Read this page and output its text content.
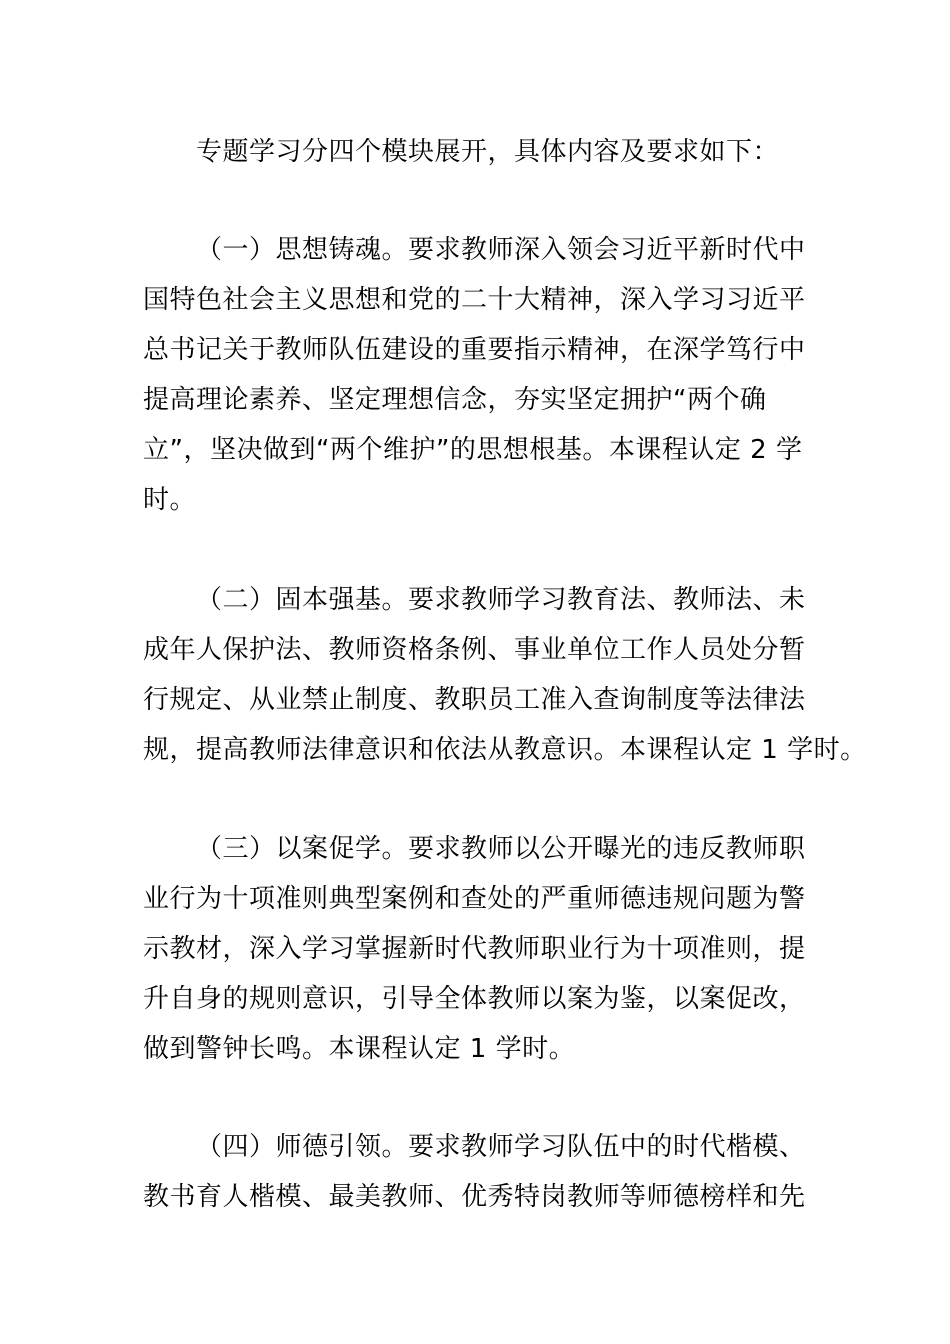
专题学习分四个模块展开，具体内容及要求如下：
（一）思想铸魂。要求教师深入领会习近平新时代中
国特色社会主义思想和党的二十大精神，深入学习习近平
总书记关于教师队伍建设的重要指示精神，在深学笃行中
提高理论素养、坚定理想信念，夯实坚定拥护“两个确
立”，坚决做到“两个维护”的思想根基。本课程认定 2 学
时。
（二）固本强基。要求教师学习教育法、教师法、未
成年人保护法、教师资格条例、事业单位工作人员处分暂
行规定、从业禁止制度、教职员工准入查询制度等法律法
规，提高教师法律意识和依法从教意识。本课程认定 1 学时。
（三）以案促学。要求教师以公开曝光的违反教师职
业行为十项准则典型案例和查处的严重师德违规问题为警
示教材，深入学习掌握新时代教师职业行为十项准则，提
升自身的规则意识，引导全体教师以案为鉴，以案促改，
做到警钟长鸣。本课程认定 1 学时。
（四）师德引领。要求教师学习队伍中的时代楷模、
教书育人楷模、最美教师、优秀特岗教师等师德榜样和先
